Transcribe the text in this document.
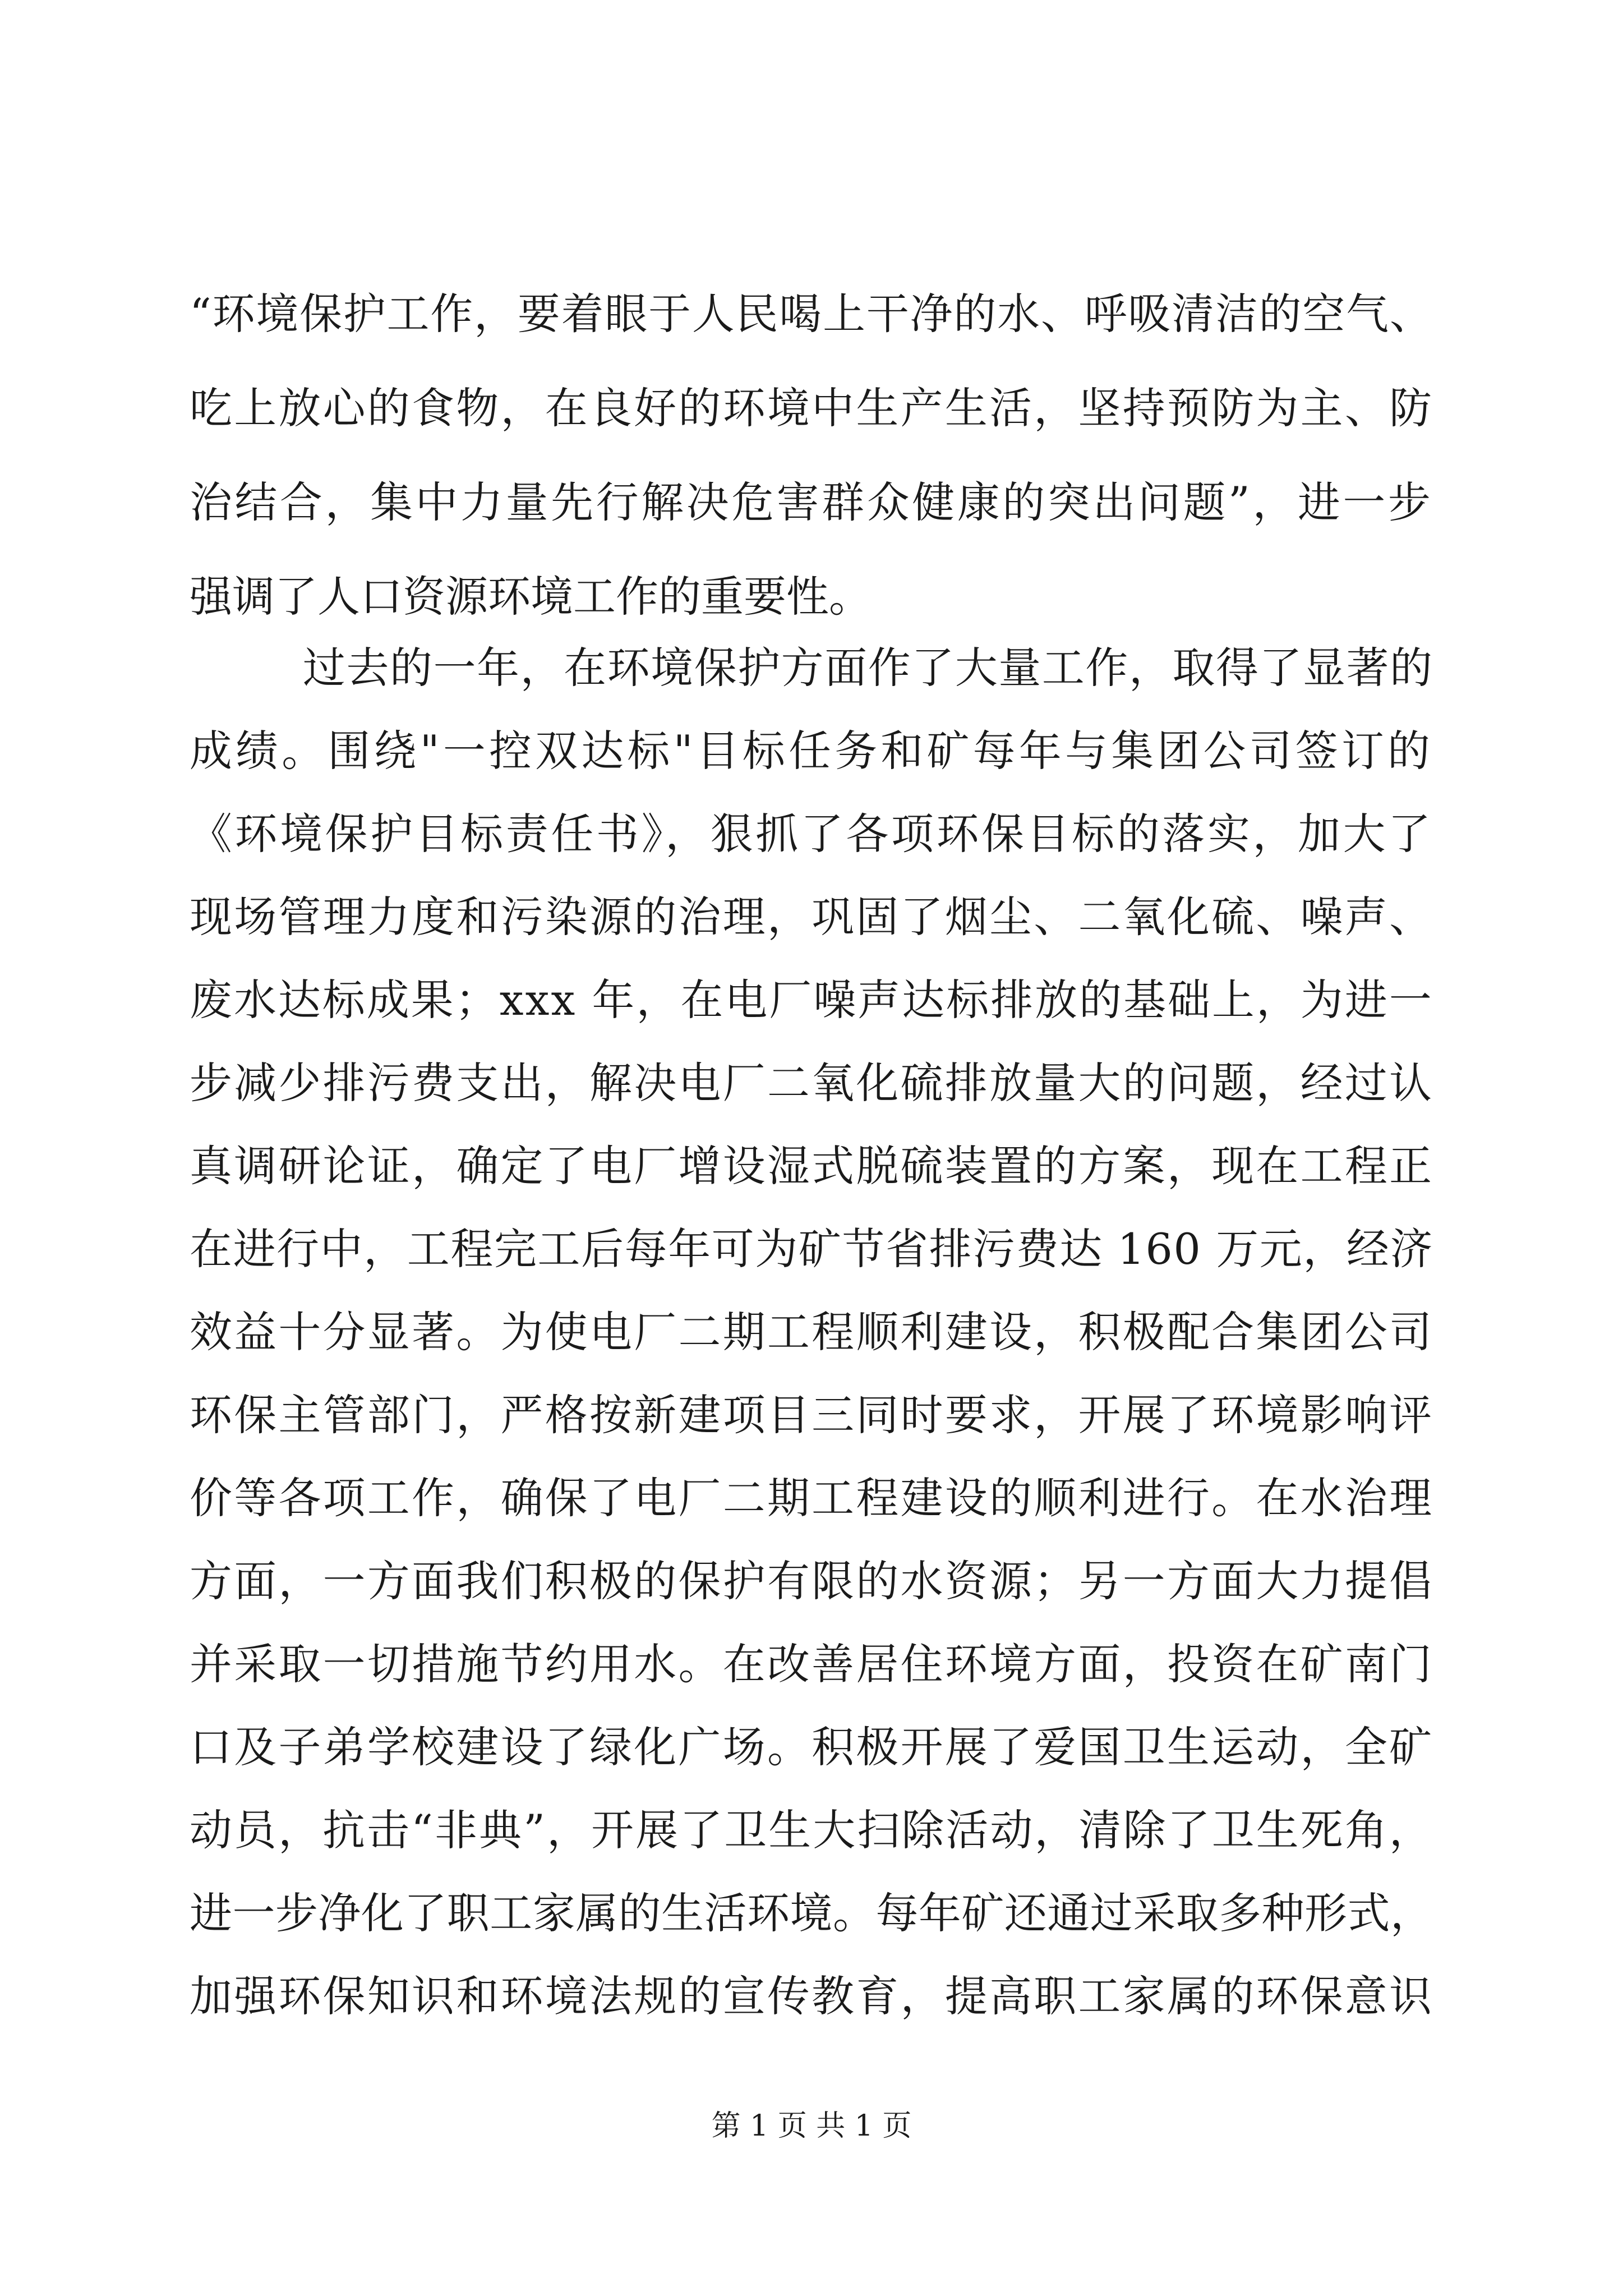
“环境保护工作，要着眼于人民喝上干净的水、呼吸清洁的空气、
吃上放心的食物，在良好的环境中生产生活，坚持预防为主、防
治结合，集中力量先行解决危害群众健康的突出问题”，进一步
强调了人口资源环境工作的重要性。
过去的一年，在环境保护方面作了大量工作，取得了显著的
成绩。围绕"一控双达标"目标任务和矿每年与集团公司签订的
《环境保护目标责任书》，狠抓了各项环保目标的落实，加大了
现场管理力度和污染源的治理，巩固了烟尘、二氧化硫、噪声、
废水达标成果；xxx 年，在电厂噪声达标排放的基础上，为进一
步减少排污费支出，解决电厂二氧化硫排放量大的问题，经过认
真调研论证，确定了电厂增设湿式脱硫装置的方案，现在工程正
在进行中，工程完工后每年可为矿节省排污费达 160 万元，经济
效益十分显著。为使电厂二期工程顺利建设，积极配合集团公司
环保主管部门，严格按新建项目三同时要求，开展了环境影响评
价等各项工作，确保了电厂二期工程建设的顺利进行。在水治理
方面，一方面我们积极的保护有限的水资源；另一方面大力提倡
并采取一切措施节约用水。在改善居住环境方面，投资在矿南门
口及子弟学校建设了绿化广场。积极开展了爱国卫生运动，全矿
动员，抗击“非典”，开展了卫生大扫除活动，清除了卫生死角，
进一步净化了职工家属的生活环境。每年矿还通过采取多种形式，
加强环保知识和环境法规的宣传教育，提高职工家属的环保意识
第 1 页 共 1 页
